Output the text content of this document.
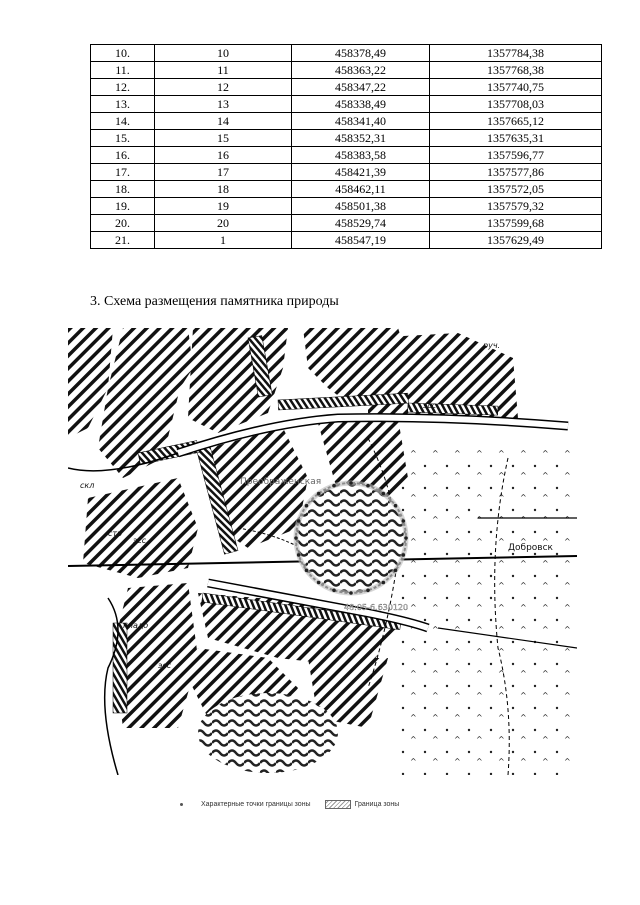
10.	10	458378,49	1357784,38
11.	11	458363,22	1357768,38
12.	12	458347,22	1357740,75
13.	13	458338,49	1357708,03
14.	14	458341,40	1357665,12
15.	15	458352,31	1357635,31
16.	16	458383,58	1357596,77
17.	17	458421,39	1357577,86
18.	18	458462,11	1357572,05
19.	19	458501,38	1357579,32
20.	20	458529,74	1357599,68
21.	1	458547,19	1357629,49
3. Схема размещения памятника природы
Преображенская
Добровск
48:05-6.630120
эсс
эсс
эсс
кладб
руч.
скл
стр
Характерные точки границы зоны	Граница зоны
